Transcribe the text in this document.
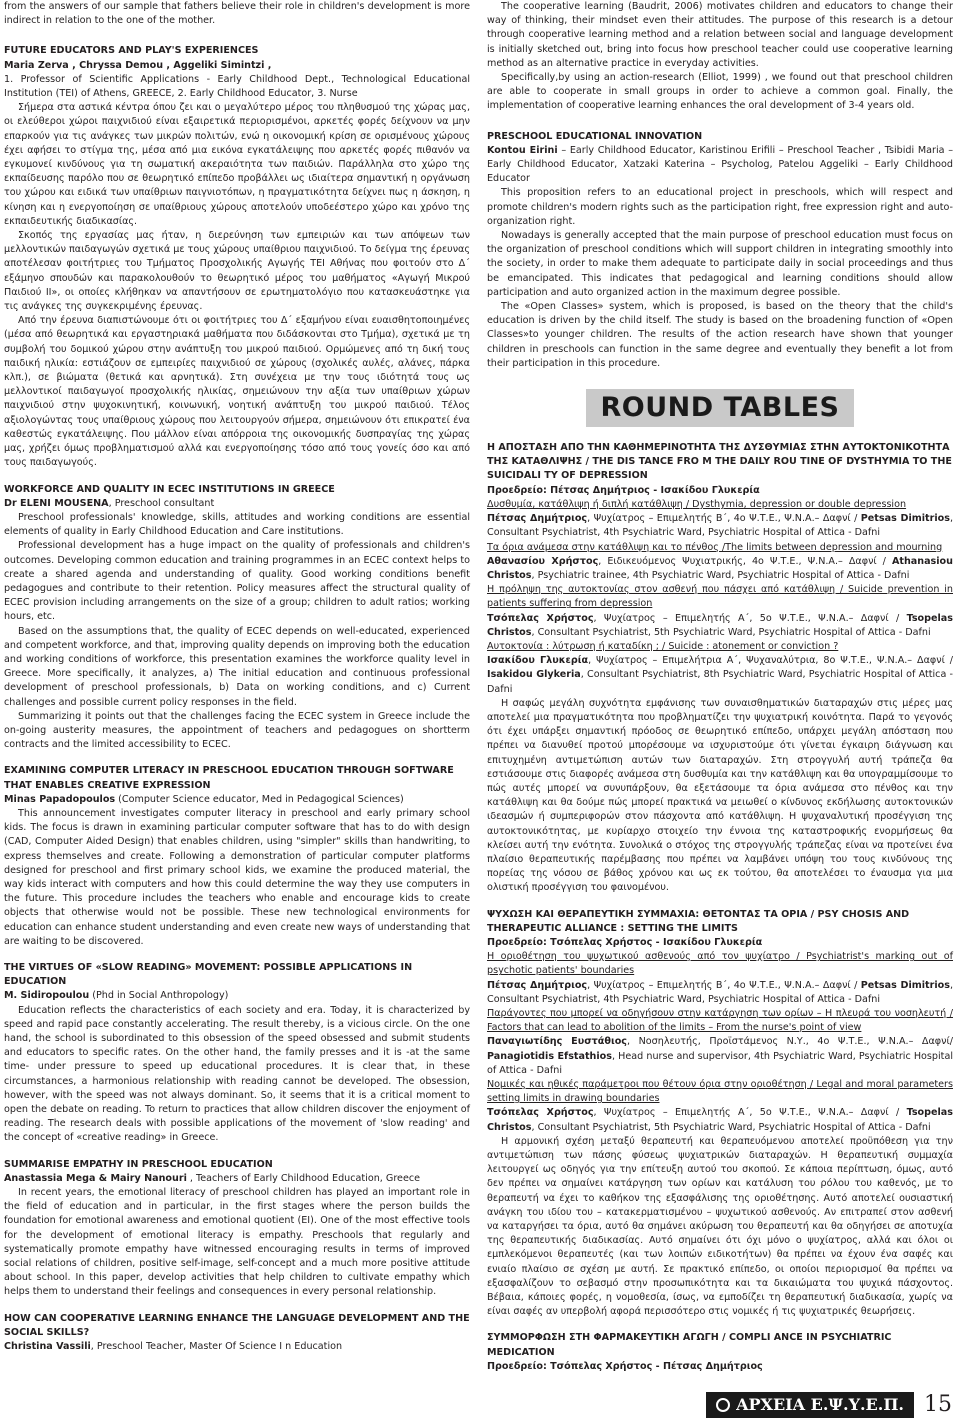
from the answers of our sample that fathers believe their role in children's development is more indirect in relation to the one of the mother.

FUTURE EDUCATORS AND PLAY'S EXPERIENCES

Maria Zerva , Chryssa Demou , Aggeliki Simintzi ,

1. Professor of Scientific Applications - Early Childhood Dept., Technological Educational Institution (TEI) of Athens, GREECE, 2. Early Childhood Educator, 3. Nurse

Σήμερα στα αστικά κέντρα όπου ζει και ο μεγαλύτερο μέρος του πληθυσμού της χώρας μας, οι ελεύθεροι χώροι παιχνιδιού είναι εξαιρετικά περιορισμένοι, αρκετές φορές δείχνουν να μην επαρκούν για τις ανάγκες των μικρών πολιτών, ενώ η οικονομική κρίση σε ορισμένους χώρους έχει αφήσει το στίγμα της, μέσα από μια εικόνα εγκατάλειψης που αρκετές φορές πιθανόν να εγκυμονεί κινδύνους για τη σωματική ακεραιότητα των παιδιών. Παράλληλα στο χώρο της εκπαίδευσης παρόλο που σε θεωρητικό επίπεδο προβάλλει ως ιδιαίτερα σημαντική η οργάνωση του χώρου και ειδικά των υπαίθριων παιγνιοτόπων, η πραγματικότητα δείχνει πως η άσκηση, η κίνηση και η ενεργοποίηση σε υπαίθριους χώρους αποτελούν υποδεέστερο χώρο και χρόνο της εκπαιδευτικής διαδικασίας.

Σκοπός της εργασίας μας ήταν, η διερεύνηση των εμπειριών και των απόψεων των μελλοντικών παιδαγωγών σχετικά με τους χώρους υπαίθριου παιχνιδιού. Το δείγμα της έρευνας αποτέλεσαν φοιτήτριες του Τμήματος Προσχολικής Αγωγής ΤΕΙ Αθήνας που φοιτούν στο Δ΄ εξάμηνο σπουδών και παρακολουθούν το θεωρητικό μέρος του μαθήματος «Αγωγή Μικρού Παιδιού ΙΙ», οι οποίες κλήθηκαν να απαντήσουν σε ερωτηματολόγιο που κατασκευάστηκε για τις ανάγκες της συγκεκριμένης έρευνας.

Από την έρευνα διαπιστώνουμε ότι οι φοιτήτριες του Δ΄ εξαμήνου είναι ευαισθητοποιημένες (μέσα από θεωρητικά και εργαστηριακά μαθήματα που διδάσκονται στο Τμήμα), σχετικά με τη συμβολή του δομικού χώρου στην ανάπτυξη του μικρού παιδιού. Ορμώμενες από τη δική τους παιδική ηλικία: εστιάζουν σε εμπειρίες παιχνιδιού σε χώρους (σχολικές αυλές, αλάνες, πάρκα κλπ.), σε βιώματα (θετικά και αρνητικά). Στη συνέχεια με την τους ιδιότητά τους ως μελλοντικοί παιδαγωγοί προσχολικής ηλικίας, σημειώνουν την αξία των υπαίθριων χώρων παιχνιδιού στην ψυχοκινητική, κοινωνική, νοητική ανάπτυξη του μικρού παιδιού. Τέλος αξιολογώντας τους υπαίθριους χώρους που λειτουργούν σήμερα, σημειώνουν ότι επικρατεί ένα καθεστώς εγκατάλειψης. Που μάλλον είναι απόρροια της οικονομικής δυσπραγίας της χώρας μας, χρήζει όμως προβληματισμού αλλά και ενεργοποίησης τόσο από τους γονείς όσο και από τους παιδαγωγούς.

WORKFORCE AND QUALITY IN ECEC INSTITUTIONS IN GREECE

Dr ELENI MOUSENA, Preschool consultant

Preschool professionals' knowledge, skills, attitudes and working conditions are essential elements of quality in Early Childhood Education and Care institutions.

Professional development has a huge impact on the quality of professionals and children's outcomes. Developing common education and training programmes in an ECEC context helps to create a shared agenda and understanding of quality. Good working conditions benefit pedagogues and contribute to their retention. Policy measures affect the structural quality of ECEC provision including arrangements on the size of a group; children to adult ratios; working hours, etc.

Based on the assumptions that, the quality of ECEC depends on well-educated, experienced and competent workforce, and that, improving quality depends on improving both the education and working conditions of workforce, this presentation examines the workforce quality level in Greece. More specifically, it analyzes, a) The initial education and continuous professional development of preschool professionals, b) Data on working conditions, and c) Current challenges and possible current policy responses in the field.

Summarizing it points out that the challenges facing the ECEC system in Greece include the on-going austerity measures, the appointment of teachers and pedagogues on shortterm contracts and the limited accessibility to ECEC.

EXAMINING COMPUTER LITERACY IN PRESCHOOL EDUCATION THROUGH SOFTWARE THAT ENABLES CREATIVE EXPRESSION

Minas Papadopoulos (Computer Science educator, Med in Pedagogical Sciences)

This announcement investigates computer literacy in preschool and early primary school kids. The focus is drawn in examining particular computer software that has to do with design (CAD, Computer Aided Design) that enables children, using "simpler" skills than handwriting, to express themselves and create. Following a demonstration of particular computer platforms designed for preschool and first primary school kids, we examine the produced material, the way kids interact with computers and how this could determine the way they use computers in the future. This procedure includes the teachers who enable and encourage kids to create objects that otherwise would not be possible. These new technological environments for education can enhance student understanding and even create new ways of understanding that are waiting to be discovered.

THE VIRTUES OF «SLOW READING» MOVEMENT: POSSIBLE APPLICATIONS IN EDUCATION

M. Sidiropoulou (Phd in Social Anthropology)

Education reflects the characteristics of each society and era. Today, it is characterized by speed and rapid pace constantly accelerating. The result thereby, is a vicious circle. On the one hand, the school is subordinated to this obsession of the speed obsessed and submit students and educators to specific rates. On the other hand, the family presses and it is -at the same time- under pressure to speed up educational procedures. It is clear that, in these circumstances, a harmonious relationship with reading cannot be developed. The obsession, however, with the speed was not always dominant. So, it seems that it is a critical moment to open the debate on reading. To return to practices that allow children discover the enjoyment of reading. The research deals with possible applications of the movement of 'slow reading' and the concept of «creative reading» in Greece.

SUMMARISE EMPATHY IN PRESCHOOL EDUCATION

Anastassia Mega & Mairy Nanouri , Teachers of Early Childhood Education, Greece

In recent years, the emotional literacy of preschool children has played an important role in the field of education and in particular, in the first stages where the person builds the foundation for emotional awareness and emotional quotient (EI). One of the most effective tools for the development of emotional literacy is empathy. Preschools that regularly and systematically promote empathy have witnessed encouraging results in terms of improved social relations of children, positive self-image, self-concept and a much more positive attitude about school. In this paper, develop activities that help children to cultivate empathy which helps them to understand their feelings and consequences in every personal relationship.

HOW CAN COOPERATIVE LEARNING ENHANCE THE LANGUAGE DEVELOPMENT AND THE SOCIAL SKILLS?

Christina Vassili, Preschool Teacher, Master Of Science I n Education

The cooperative learning (Baudrit, 2006) motivates children and educators to change their way of thinking, their mindset even their attitudes. The purpose of this research is a detour through cooperative learning method and a relation between social and language development is initially sketched out, bring into focus how preschool teacher could use cooperative learning method as an alternative practice in everyday activities.

Specifically,by using an action-research (Elliot, 1999) , we found out that preschool children are able to cooperate in small groups in order to achieve a common goal. Finally, the implementation of cooperative learning enhances the oral development of 3-4 years old.

PRESCHOOL EDUCATIONAL INNOVATION

Kontou Eirini – Early Childhood Educator, Karistinou Erifili – Preschool Teacher , Tsibidi Maria – Early Childhood Educator, Xatzaki Katerina – Psycholog, Patelou Aggeliki – Early Childhood Educator

This proposition refers to an educational project in preschools, which will respect and promote children's modern rights such as the participation right, free expression right and auto-organization right.

Nowadays is generally accepted that the main purpose of preschool education must focus on the organization of preschool conditions which will support children in integrating smoothly into the society, in order to make them adequate to participate daily in social proceedings and thus be emancipated. This indicates that pedagogical and learning conditions should allow participation and auto organized action in the maximum degree possible.

The «Open Classes» system, which is proposed, is based on the theory that the child's education is driven by the child itself. The study is based on the broadening function of «Open Classes»to younger children. The results of the action research have shown that younger children in preschools can function in the same degree and eventually they benefit a lot from their participation in this procedure.

ROUND TABLES
Η ΑΠΟΣΤΑΣΗ ΑΠΟ ΤΗΝ ΚΑΘΗΜΕΡΙΝΟΤΗΤΑ ΤΗΣ ΔΥΣΘΥΜΙΑΣ ΣΤΗΝ ΑΥΤΟΚΤΟΝΙΚΟΤΗΤΑ ΤΗΣ ΚΑΤΑΘΛΙΨΗΣ / THE DIS TANCE FRO M THE DAILY ROU TINE OF DYSTHYMIA TO THE SUICIDALI TY OF DEPRESSION

Προεδρείο: Πέτσας Δημήτριος - Ισακίδου Γλυκερία

Δυσθυμία, κατάθλιψη ή διπλή κατάθλιψη / Dysthymia, depression or double depression

Πέτσας Δημήτριος, Ψυχίατρος – Επιμελητής Β΄, 4ο Ψ.Τ.Ε., Ψ.Ν.Α.– Δαφνί / Petsas Dimitrios, Consultant Psychiatrist, 4th Psychiatric Ward, Psychiatric Hospital of Attica - Dafni

Τα όρια ανάμεσα στην κατάθλιψη και το πένθος /The limits between depression and mourning

Αθανασίου Χρήστος, Ειδικευόμενος Ψυχιατρικής, 4ο Ψ.Τ.Ε., Ψ.Ν.Α.– Δαφνί / Athanasiou Christos, Psychiatric trainee, 4th Psychiatric Ward, Psychiatric Hospital of Attica - Dafni

Η πρόληψη της αυτοκτονίας στον ασθενή που πάσχει από κατάθλιψη / Suicide prevention in patients suffering from depression

Τσόπελας Χρήστος, Ψυχίατρος – Επιμελητής Α΄, 5ο Ψ.Τ.Ε., Ψ.Ν.Α.– Δαφνί / Tsopelas Christos, Consultant Psychiatrist, 5th Psychiatric Ward, Psychiatric Hospital of Attica - Dafni

Αυτοκτονία : λύτρωση ή καταδίκη ; / Suicide : atonement or conviction ?

Ισακίδου Γλυκερία, Ψυχίατρος – Επιμελήτρια Α΄, Ψυχαναλύτρια, 8ο Ψ.Τ.Ε., Ψ.Ν.Α.– Δαφνί / Isakidou Glykeria, Consultant Psychiatrist, 8th Psychiatric Ward, Psychiatric Hospital of Attica - Dafni

Η σαφώς μεγάλη συχνότητα εμφάνισης των συναισθηματικών διαταραχών στις μέρες μας αποτελεί μια πραγματικότητα που προβληματίζει την ψυχιατρική κοινότητα. Παρά το γεγονός ότι έχει υπάρξει σημαντική πρόοδος σε θεωρητικό επίπεδο, υπάρχει μεγάλη απόσταση που πρέπει να διανυθεί προτού μπορέσουμε να ισχυριστούμε ότι γίνεται έγκαιρη διάγνωση και επιτυχημένη αντιμετώπιση αυτών των διαταραχών. Στη στρογγυλή αυτή τράπεζα θα εστιάσουμε στις διαφορές ανάμεσα στη δυσθυμία και την κατάθλιψη και θα υπογραμμίσουμε το πώς αυτές μπορεί να συνυπάρξουν, θα εξετάσουμε τα όρια ανάμεσα στο πένθος και την κατάθλιψη και θα δούμε πώς μπορεί πρακτικά να μειωθεί ο κίνδυνος εκδήλωσης αυτοκτονικών ιδεασμών ή συμπεριφορών στον πάσχοντα από κατάθλιψη. Η ψυχαναλυτική προσέγγιση της αυτοκτονικότητας, με κυρίαρχο στοιχείο την έννοια της καταστροφικής ενορμήσεως θα κλείσει αυτή την ενότητα. Συνολικά ο στόχος της στρογγυλής τράπεζας είναι να προτείνει ένα πλαίσιο θεραπευτικής παρέμβασης που πρέπει να λαμβάνει υπόψη του τους κινδύνους της πορείας της νόσου σε βάθος χρόνου και ως εκ τούτου, θα αποτελέσει το έναυσμα για μια ολιστική προσέγγιση του φαινομένου.

ΨΥΧΩΣΗ ΚΑΙ ΘΕΡΑΠΕΥΤΙΚΗ ΣΥΜΜΑΧΙΑ: ΘΕΤΟΝΤΑΣ ΤΑ ΟΡΙΑ / PSY CHOSIS AND THERAPEUTIC ALLIANCE : SETTING THE LIMITS

Προεδρείο: Τσόπελας Χρήστος - Ισακίδου Γλυκερία

Η οριοθέτηση του ψυχωτικού ασθενούς από τον ψυχίατρο / Psychiatrist's marking out of psychotic patients' boundaries

Πέτσας Δημήτριος, Ψυχίατρος – Επιμελητής Β΄, 4ο Ψ.Τ.Ε., Ψ.Ν.Α.– Δαφνί / Petsas Dimitrios, Consultant Psychiatrist, 4th Psychiatric Ward, Psychiatric Hospital of Attica - Dafni

Παράγοντες που μπορεί να οδηγήσουν στην κατάργηση των ορίων – Η πλευρά του νοσηλευτή / Factors that can lead to abolition of the limits – From the nurse's point of view

Παναγιωτίδης Ευστάθιος, Νοσηλευτής, Προϊστάμενος Ν.Υ., 4ο Ψ.Τ.Ε., Ψ.Ν.Α.– Δαφνί/ Panagiotidis Efstathios, Head nurse and supervisor, 4th Psychiatric Ward, Psychiatric Hospital of Attica - Dafni

Νομικές και ηθικές παράμετροι που θέτουν όρια στην οριοθέτηση / Legal and moral parameters setting limits in drawing boundaries

Τσόπελας Χρήστος, Ψυχίατρος – Επιμελητής Α΄, 5ο Ψ.Τ.Ε., Ψ.Ν.Α.– Δαφνί / Tsopelas Christos, Consultant Psychiatrist, 5th Psychiatric Ward, Psychiatric Hospital of Attica - Dafni

Η αρμονική σχέση μεταξύ θεραπευτή και θεραπευόμενου αποτελεί προϋπόθεση για την αντιμετώπιση των πάσης φύσεως ψυχιατρικών διαταραχών. Η θεραπευτική συμμαχία λειτουργεί ως οδηγός για την επίτευξη αυτού του σκοπού. Σε κάποια περίπτωση, όμως, αυτό δεν πρέπει να σημαίνει κατάργηση των ορίων και κατάλυση του ρόλου του καθενός, με το θεραπευτή να έχει το καθήκον της εξασφάλισης της οριοθέτησης. Αυτό αποτελεί ουσιαστική ανάγκη του ιδίου του – κατακερματισμένου – ψυχωτικού ασθενούς. Αν επιτραπεί στον ασθενή να καταργήσει τα όρια, αυτό θα σημάνει ακύρωση του θεραπευτή και θα οδηγήσει σε αποτυχία της θεραπευτικής διαδικασίας. Αυτό σημαίνει ότι όχι μόνο ο ψυχίατρος, αλλά και όλοι οι εμπλεκόμενοι θεραπευτές (και των λοιπών ειδικοτήτων) θα πρέπει να έχουν ένα σαφές και ενιαίο πλαίσιο σε σχέση με αυτή. Σε πρακτικό επίπεδο, οι οποίοι περιορισμοί θα πρέπει να εξασφαλίζουν το σεβασμό στην προσωπικότητα και τα δικαιώματα του ψυχικά πάσχοντος. Βέβαια, κάποιες φορές, η νομοθεσία, ίσως, να εμποδίζει τη θεραπευτική διαδικασία, χωρίς να είναι σαφές αν υπερβολή αφορά περισσότερο στις νομικές ή τις ψυχιατρικές θεωρήσεις.

ΣΥΜΜΟΡΦΩΣΗ ΣΤΗ ΦΑΡΜΑΚΕΥΤΙΚΗ ΑΓΩΓΗ / COMPLI ANCE IN PSYCHIATRIC MEDICATION

Προεδρείο: Τσόπελας Χρήστος - Πέτσας Δημήτριος

ΑΡΧΕΙΑ Ε.Ψ.Υ.Ε.Π. 15
